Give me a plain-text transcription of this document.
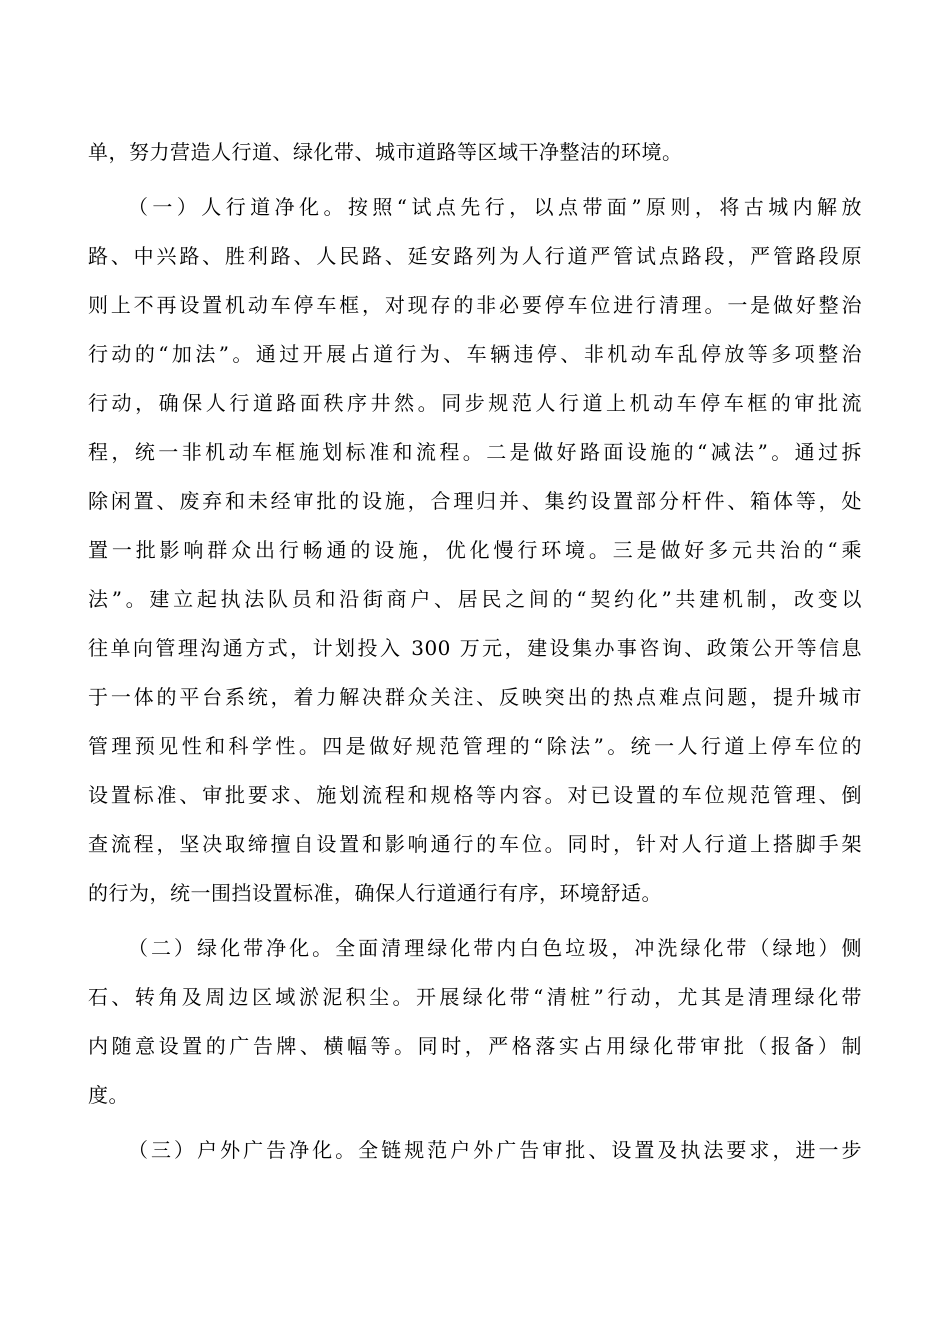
单，努力营造人行道、绿化带、城市道路等区域干净整洁的环境。
（一）人行道净化。按照“试点先行，以点带面”原则，将古城内解放
路、中兴路、胜利路、人民路、延安路列为人行道严管试点路段，严管路段原
则上不再设置机动车停车框，对现存的非必要停车位进行清理。一是做好整治
行动的“加法”。通过开展占道行为、车辆违停、非机动车乱停放等多项整治
行动，确保人行道路面秩序井然。同步规范人行道上机动车停车框的审批流
程，统一非机动车框施划标准和流程。二是做好路面设施的“减法”。通过拆
除闲置、废弃和未经审批的设施，合理归并、集约设置部分杆件、箱体等，处
置一批影响群众出行畅通的设施，优化慢行环境。三是做好多元共治的“乘
法”。建立起执法队员和沿街商户、居民之间的“契约化”共建机制，改变以
往单向管理沟通方式，计划投入 300 万元，建设集办事咨询、政策公开等信息
于一体的平台系统，着力解决群众关注、反映突出的热点难点问题，提升城市
管理预见性和科学性。四是做好规范管理的“除法”。统一人行道上停车位的
设置标准、审批要求、施划流程和规格等内容。对已设置的车位规范管理、倒
查流程，坚决取缔擅自设置和影响通行的车位。同时，针对人行道上搭脚手架
的行为，统一围挡设置标准，确保人行道通行有序，环境舒适。
（二）绿化带净化。全面清理绿化带内白色垃圾，冲洗绿化带（绿地）侧
石、转角及周边区域淤泥积尘。开展绿化带“清桩”行动，尤其是清理绿化带
内随意设置的广告牌、横幅等。同时，严格落实占用绿化带审批（报备）制
度。
（三）户外广告净化。全链规范户外广告审批、设置及执法要求，进一步
